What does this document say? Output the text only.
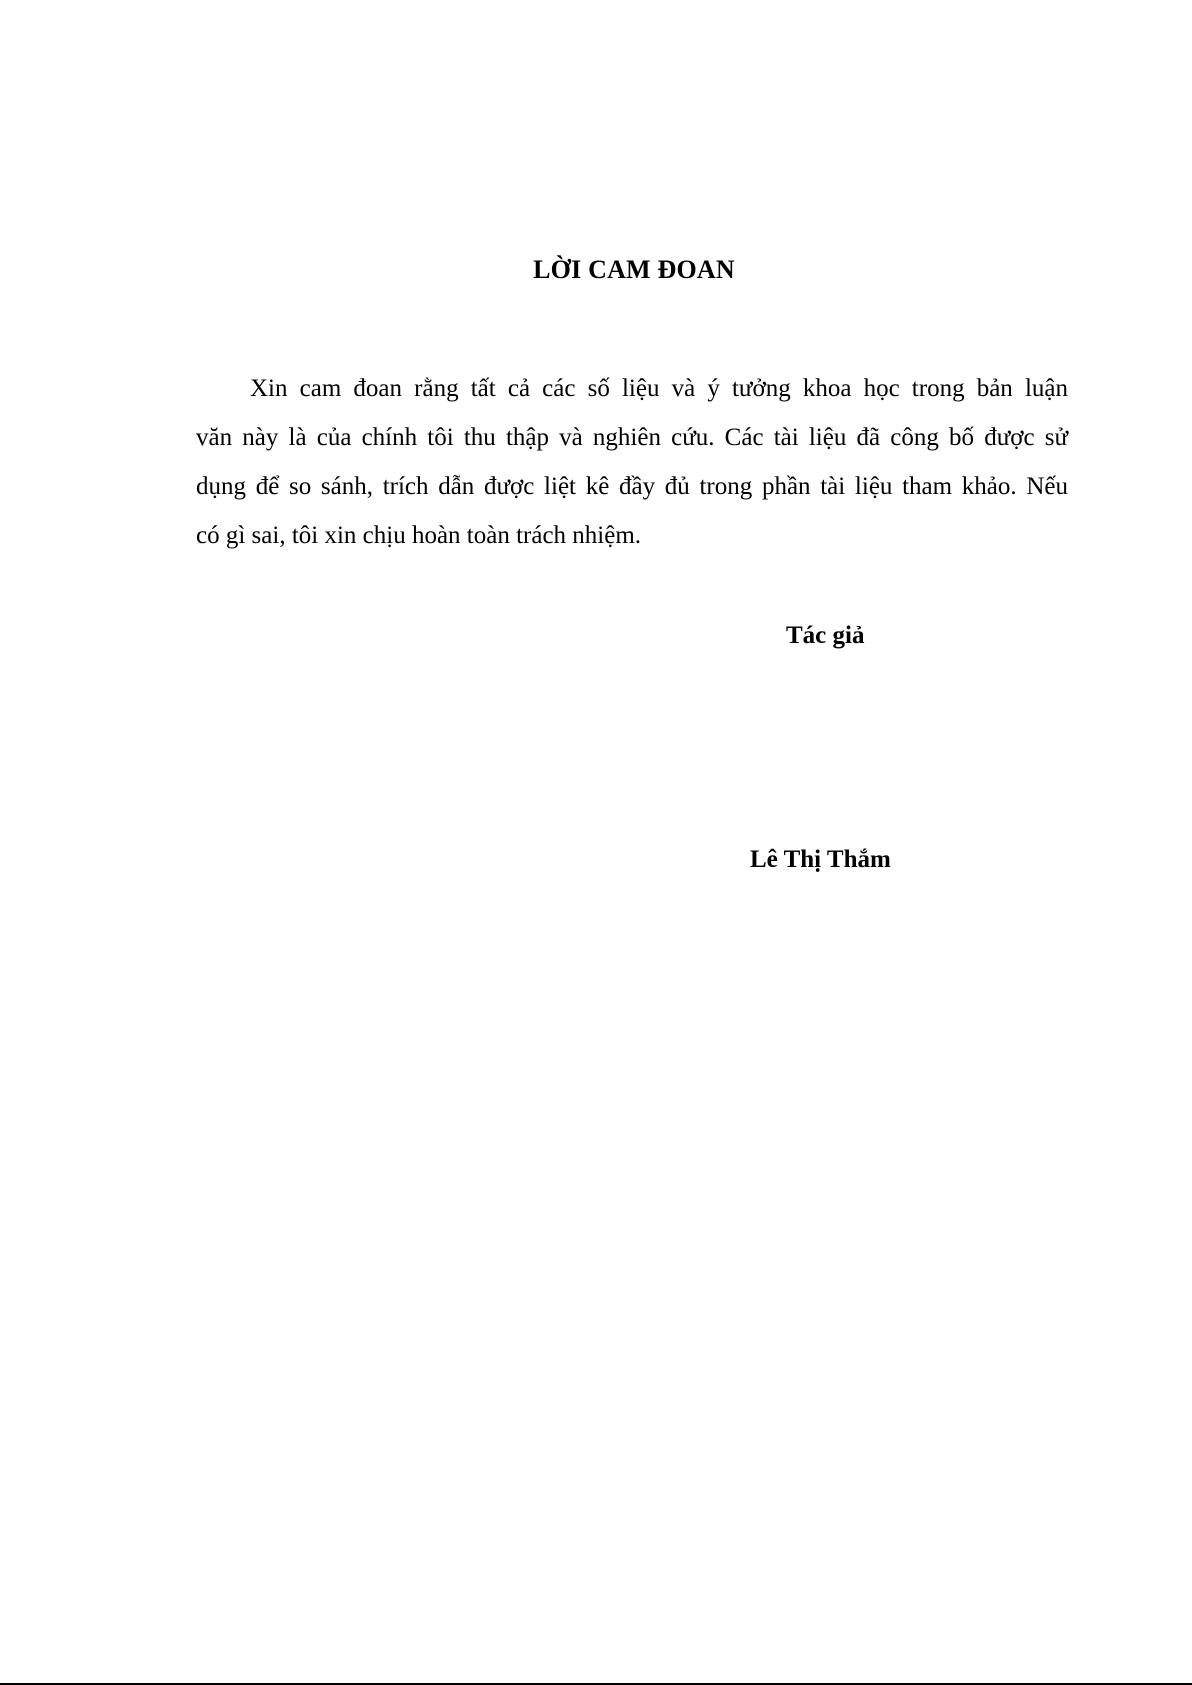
LỜI CAM ĐOAN

Xin cam đoan rằng tất cả các số liệu và ý tưởng khoa học trong bản luận
văn này là của chính tôi thu thập và nghiên cứu. Các tài liệu đã công bố được sử
dụng để so sánh, trích dẫn được liệt kê đầy đủ trong phần tài liệu tham khảo. Nếu
có gì sai, tôi xin chịu hoàn toàn trách nhiệm.

Tác giả
Lê Thị Thắm
